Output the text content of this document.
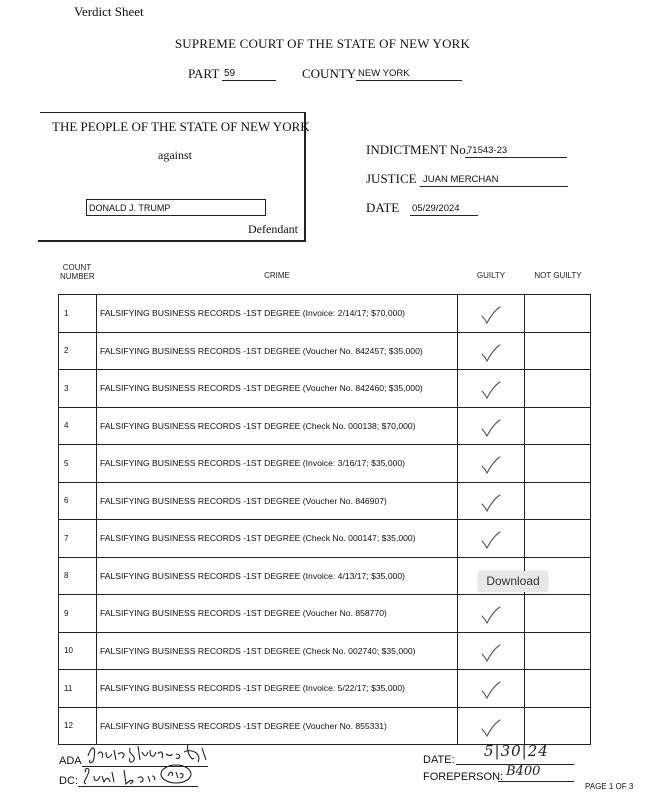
Verdict Sheet
SUPREME COURT OF THE STATE OF NEW YORK
PART 59	COUNTY NEW YORK
THE PEOPLE OF THE STATE OF NEW YORK
against
DONALD J. TRUMP
Defendant
INDICTMENT No.
71543-23
JUSTICE JUAN MERCHAN
DATE 05/29/2024
COUNT NUMBER	CRIME	GUILTY	NOT GUILTY
1	FALSIFYING BUSINESS RECORDS -1ST DEGREE (Invoice: 2/14/17; $70,000)
2	FALSIFYING BUSINESS RECORDS -1ST DEGREE (Voucher No. 842457; $35,000)
3	FALSIFYING BUSINESS RECORDS -1ST DEGREE (Voucher No. 842460; $35,000)
4	FALSIFYING BUSINESS RECORDS -1ST DEGREE (Check No. 000138; $70,000)
5	FALSIFYING BUSINESS RECORDS -1ST DEGREE (Invoice: 3/16/17; $35,000)
6	FALSIFYING BUSINESS RECORDS -1ST DEGREE (Voucher No. 846907)
7	FALSIFYING BUSINESS RECORDS -1ST DEGREE (Check No. 000147; $35,000)
8	FALSIFYING BUSINESS RECORDS -1ST DEGREE (Invoice: 4/13/17; $35,000)
9	FALSIFYING BUSINESS RECORDS -1ST DEGREE (Voucher No. 858770)
10	FALSIFYING BUSINESS RECORDS -1ST DEGREE (Check No. 002740; $35,000)
11	FALSIFYING BUSINESS RECORDS -1ST DEGREE (Invoice: 5/22/17; $35,000)
12	FALSIFYING BUSINESS RECORDS -1ST DEGREE (Voucher No. 855331)
Download
ADA
DC:
DATE: 5|30|24
FOREPERSON: B400
PAGE 1 OF 3
